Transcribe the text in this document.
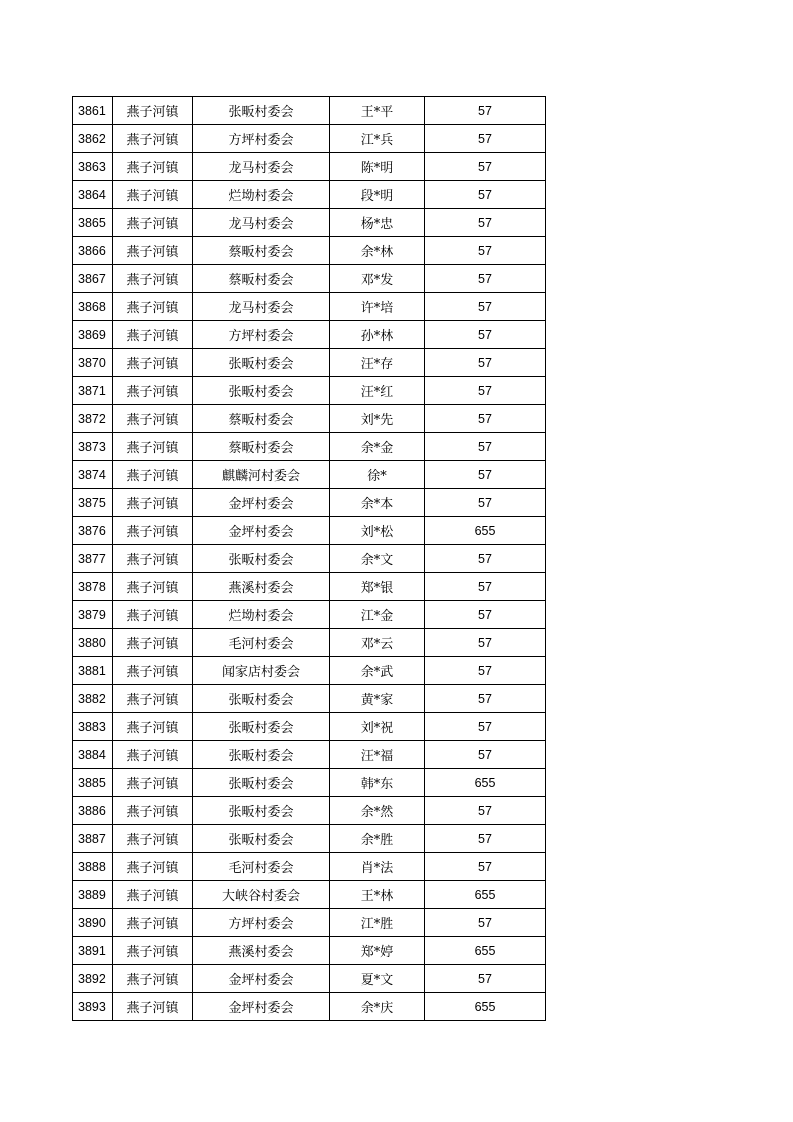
3861	燕子河镇	张畈村委会	王*平	57
3862	燕子河镇	方坪村委会	江*兵	57
3863	燕子河镇	龙马村委会	陈*明	57
3864	燕子河镇	烂坳村委会	段*明	57
3865	燕子河镇	龙马村委会	杨*忠	57
3866	燕子河镇	蔡畈村委会	余*林	57
3867	燕子河镇	蔡畈村委会	邓*发	57
3868	燕子河镇	龙马村委会	许*培	57
3869	燕子河镇	方坪村委会	孙*林	57
3870	燕子河镇	张畈村委会	汪*存	57
3871	燕子河镇	张畈村委会	汪*红	57
3872	燕子河镇	蔡畈村委会	刘*先	57
3873	燕子河镇	蔡畈村委会	余*金	57
3874	燕子河镇	麒麟河村委会	徐*	57
3875	燕子河镇	金坪村委会	余*本	57
3876	燕子河镇	金坪村委会	刘*松	655
3877	燕子河镇	张畈村委会	余*文	57
3878	燕子河镇	燕溪村委会	郑*银	57
3879	燕子河镇	烂坳村委会	江*金	57
3880	燕子河镇	毛河村委会	邓*云	57
3881	燕子河镇	闻家店村委会	余*武	57
3882	燕子河镇	张畈村委会	黄*家	57
3883	燕子河镇	张畈村委会	刘*祝	57
3884	燕子河镇	张畈村委会	汪*福	57
3885	燕子河镇	张畈村委会	韩*东	655
3886	燕子河镇	张畈村委会	余*然	57
3887	燕子河镇	张畈村委会	余*胜	57
3888	燕子河镇	毛河村委会	肖*法	57
3889	燕子河镇	大峡谷村委会	王*林	655
3890	燕子河镇	方坪村委会	江*胜	57
3891	燕子河镇	燕溪村委会	郑*婷	655
3892	燕子河镇	金坪村委会	夏*文	57
3893	燕子河镇	金坪村委会	余*庆	655
